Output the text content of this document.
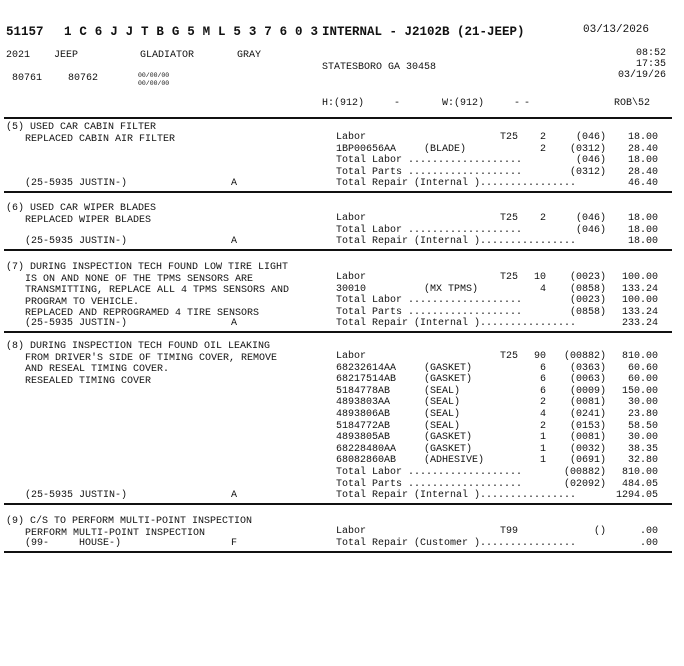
51157 1 C 6 J J T B G 5 M L 5 3 7 6 0 3 INTERNAL - J2102B (21-JEEP)	03/13/2026
2021 JEEP	GLADIATOR	GRAY	08:52
17:35
03/19/26
80761	80762	00/00/00
00/00/00
STATESBORO GA 30458
H:(912)     -	W:(912)     - -	ROB\52
(5) USED CAR CABIN FILTER
REPLACED CABIN AIR FILTER	Labor	T25	2	(046)	18.00
1BP00656AA	(BLADE)	2	(0312)	28.40
Total Labor ...................	(046)	18.00
Total Parts ...................	(0312)	28.40
Total Repair (Internal )................	46.40
(25-5935 JUSTIN-)	A
(6) USED CAR WIPER BLADES
REPLACED WIPER BLADES	Labor	T25	2	(046)	18.00
Total Labor ...................	(046)	18.00
Total Repair (Internal )................	18.00
(25-5935 JUSTIN-)	A
(7) DURING INSPECTION TECH FOUND LOW TIRE LIGHT
IS ON AND NONE OF THE TPMS SENSORS ARE
TRANSMITTING, REPLACE ALL 4 TPMS SENSORS AND
PROGRAM TO VEHICLE.
REPLACED AND REPROGRAMED 4 TIRE SENSORS
Labor	T25 10	(0023)	100.00
30010	(MX TPMS)	4	(0858)	133.24
Total Labor ...................	(0023)	100.00
Total Parts ...................	(0858)	133.24
Total Repair (Internal )................	233.24
(25-5935 JUSTIN-)	A
(8) DURING INSPECTION TECH FOUND OIL LEAKING
FROM DRIVER'S SIDE OF TIMING COVER, REMOVE
AND RESEAL TIMING COVER.
RESEALED TIMING COVER
Labor	T25 90	(00882)	810.00
68232614AA	(GASKET)	6	(0363)	60.60
68217514AB	(GASKET)	6	(0063)	60.00
5184778AB	(SEAL)	6	(0009)	150.00
4893803AA	(SEAL)	2	(0081)	30.00
4893806AB	(SEAL)	4	(0241)	23.80
5184772AB	(SEAL)	2	(0153)	58.50
4893805AB	(GASKET)	1	(0081)	30.00
68228480AA	(GASKET)	1	(0032)	38.35
68082860AB	(ADHESIVE)	1	(0691)	32.80
Total Labor ...................	(00882)	810.00
Total Parts ...................	(02092)	484.05
Total Repair (Internal )................	1294.05
(25-5935 JUSTIN-)	A
(9) C/S TO PERFORM MULTI-POINT INSPECTION
PERFORM MULTI-POINT INSPECTION	Labor	T99	()	.00
Total Repair (Customer )................	.00
(99-     HOUSE-)	F
